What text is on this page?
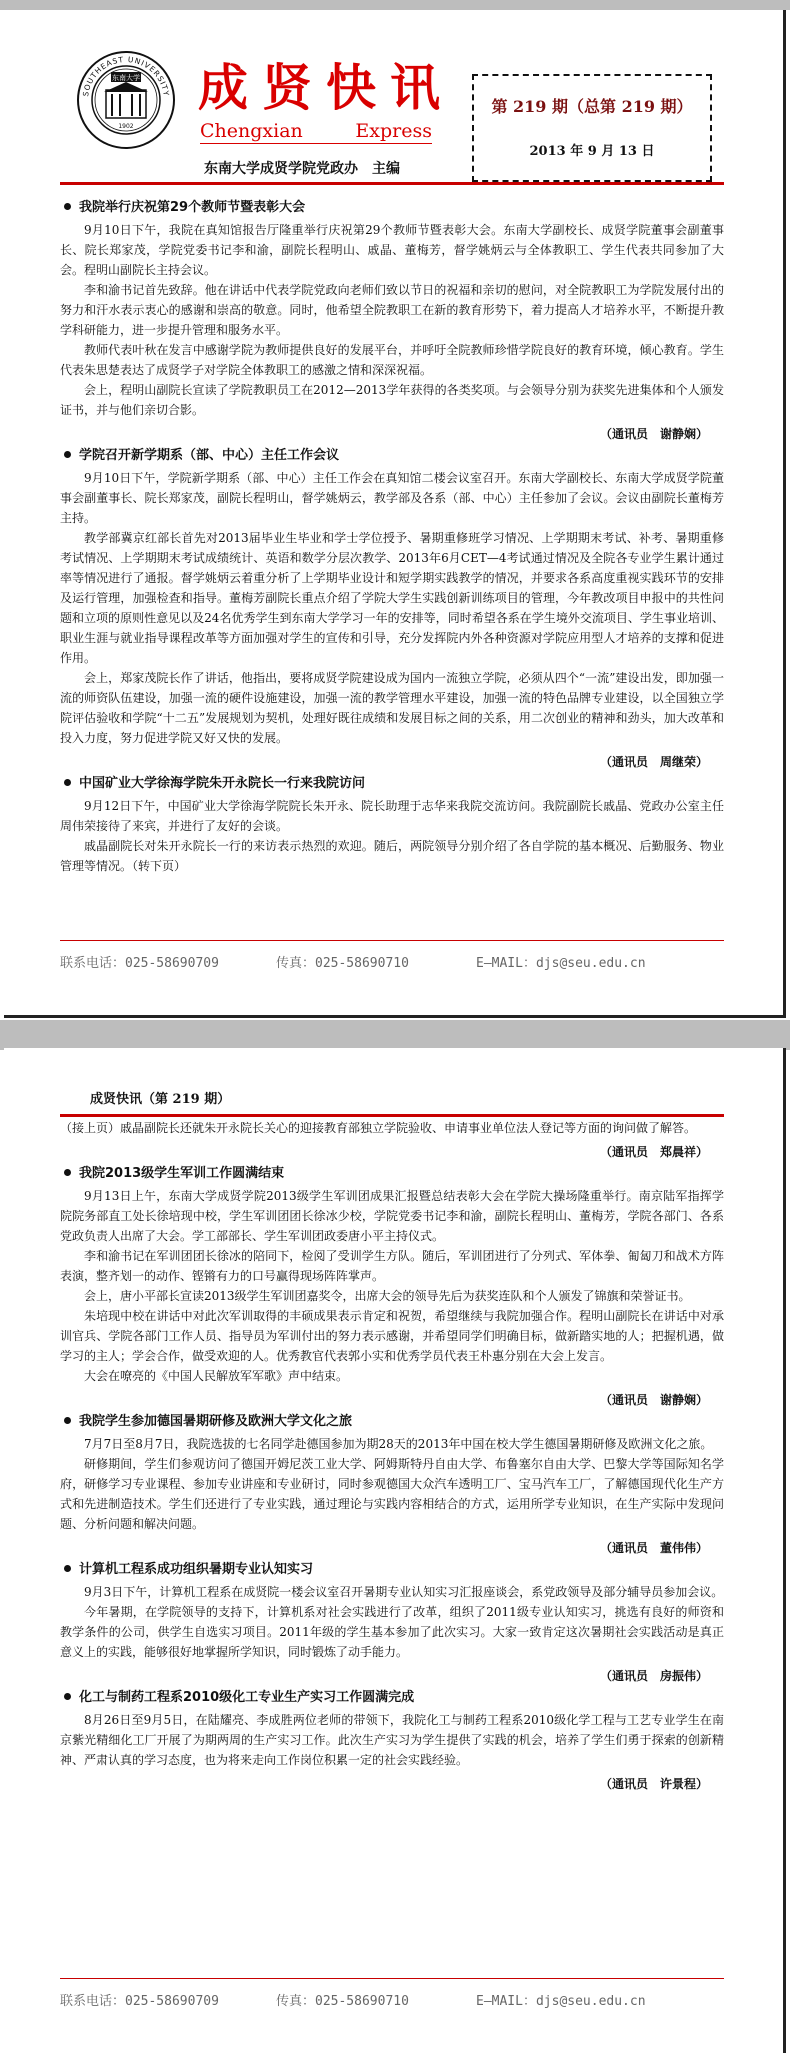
东南大学
1902
SOUTHEAST UNIVERSITY 成贤快讯
Chengxian	Express
东南大学成贤学院党政办　主编
第 219 期（总第 219 期）
2013 年 9 月 13 日
我院举行庆祝第29个教师节暨表彰大会

9月10日下午，我院在真知馆报告厅隆重举行庆祝第29个教师节暨表彰大会。东南大学副校长、成贤学院董事会副董事长、院长郑家茂，学院党委书记李和渝，副院长程明山、戚晶、董梅芳，督学姚炳云与全体教职工、学生代表共同参加了大会。程明山副院长主持会议。

李和渝书记首先致辞。他在讲话中代表学院党政向老师们致以节日的祝福和亲切的慰问，对全院教职工为学院发展付出的努力和汗水表示衷心的感谢和崇高的敬意。同时，他希望全院教职工在新的教育形势下，着力提高人才培养水平，不断提升教学科研能力，进一步提升管理和服务水平。

教师代表叶秋在发言中感谢学院为教师提供良好的发展平台，并呼吁全院教师珍惜学院良好的教育环境，倾心教育。学生代表朱思楚表达了成贤学子对学院全体教职工的感激之情和深深祝福。

会上，程明山副院长宣读了学院教职员工在2012—2013学年获得的各类奖项。与会领导分别为获奖先进集体和个人颁发证书，并与他们亲切合影。

（通讯员　谢静娴）
学院召开新学期系（部、中心）主任工作会议

9月10日下午，学院新学期系（部、中心）主任工作会在真知馆二楼会议室召开。东南大学副校长、东南大学成贤学院董事会副董事长、院长郑家茂，副院长程明山，督学姚炳云，教学部及各系（部、中心）主任参加了会议。会议由副院长董梅芳主持。

教学部冀京红部长首先对2013届毕业生毕业和学士学位授予、暑期重修班学习情况、上学期期末考试、补考、暑期重修考试情况、上学期期末考试成绩统计、英语和数学分层次教学、2013年6月CET—4考试通过情况及全院各专业学生累计通过率等情况进行了通报。督学姚炳云着重分析了上学期毕业设计和短学期实践教学的情况，并要求各系高度重视实践环节的安排及运行管理，加强检查和指导。董梅芳副院长重点介绍了学院大学生实践创新训练项目的管理，今年教改项目申报中的共性问题和立项的原则性意见以及24名优秀学生到东南大学学习一年的安排等，同时希望各系在学生境外交流项目、学生事业培训、职业生涯与就业指导课程改革等方面加强对学生的宣传和引导，充分发挥院内外各种资源对学院应用型人才培养的支撑和促进作用。

会上，郑家茂院长作了讲话，他指出，要将成贤学院建设成为国内一流独立学院，必须从四个“一流”建设出发，即加强一流的师资队伍建设，加强一流的硬件设施建设，加强一流的教学管理水平建设，加强一流的特色品牌专业建设，以全国独立学院评估验收和学院“十二五”发展规划为契机，处理好既往成绩和发展目标之间的关系，用二次创业的精神和劲头，加大改革和投入力度，努力促进学院又好又快的发展。

（通讯员　周继荣）
中国矿业大学徐海学院朱开永院长一行来我院访问

9月12日下午，中国矿业大学徐海学院院长朱开永、院长助理于志华来我院交流访问。我院副院长戚晶、党政办公室主任周伟荣接待了来宾，并进行了友好的会谈。

戚晶副院长对朱开永院长一行的来访表示热烈的欢迎。随后，两院领导分别介绍了各自学院的基本概况、后勤服务、物业管理等情况。（转下页）

联系电话：025-58690709	传真：025-58690710	E—MAIL：djs@seu.edu.cn
成贤快讯（第 219 期）

（接上页）戚晶副院长还就朱开永院长关心的迎接教育部独立学院验收、申请事业单位法人登记等方面的询问做了解答。

（通讯员　郑晨祥）
我院2013级学生军训工作圆满结束

9月13日上午，东南大学成贤学院2013级学生军训团成果汇报暨总结表彰大会在学院大操场隆重举行。南京陆军指挥学院院务部直工处长徐培现中校，学生军训团团长徐冰少校，学院党委书记李和渝，副院长程明山、董梅芳，学院各部门、各系党政负责人出席了大会。学工部部长、学生军训团政委唐小平主持仪式。

李和渝书记在军训团团长徐冰的陪同下，检阅了受训学生方队。随后，军训团进行了分列式、军体拳、匍匐刀和战术方阵表演，整齐划一的动作、铿锵有力的口号赢得现场阵阵掌声。

会上，唐小平部长宣读2013级学生军训团嘉奖令，出席大会的领导先后为获奖连队和个人颁发了锦旗和荣誉证书。

朱培现中校在讲话中对此次军训取得的丰硕成果表示肯定和祝贺，希望继续与我院加强合作。程明山副院长在讲话中对承训官兵、学院各部门工作人员、指导员为军训付出的努力表示感谢，并希望同学们明确目标，做新踏实地的人；把握机遇，做学习的主人；学会合作，做受欢迎的人。优秀教官代表郭小实和优秀学员代表王朴惠分别在大会上发言。

大会在嘹亮的《中国人民解放军军歌》声中结束。

（通讯员　谢静娴）
我院学生参加德国暑期研修及欧洲大学文化之旅

7月7日至8月7日，我院选拔的七名同学赴德国参加为期28天的2013年中国在校大学生德国暑期研修及欧洲文化之旅。

研修期间，学生们参观访问了德国开姆尼茨工业大学、阿姆斯特丹自由大学、布鲁塞尔自由大学、巴黎大学等国际知名学府，研修学习专业课程、参加专业讲座和专业研讨，同时参观德国大众汽车透明工厂、宝马汽车工厂，了解德国现代化生产方式和先进制造技术。学生们还进行了专业实践，通过理论与实践内容相结合的方式，运用所学专业知识，在生产实际中发现问题、分析问题和解决问题。

（通讯员　董伟伟）
计算机工程系成功组织暑期专业认知实习

9月3日下午，计算机工程系在成贤院一楼会议室召开暑期专业认知实习汇报座谈会，系党政领导及部分辅导员参加会议。

今年暑期，在学院领导的支持下，计算机系对社会实践进行了改革，组织了2011级专业认知实习，挑选有良好的师资和教学条件的公司，供学生自选实习项目。2011年级的学生基本参加了此次实习。大家一致肯定这次暑期社会实践活动是真正意义上的实践，能够很好地掌握所学知识，同时锻炼了动手能力。

（通讯员　房振伟）
化工与制药工程系2010级化工专业生产实习工作圆满完成

8月26日至9月5日，在陆耀亮、李成胜两位老师的带领下，我院化工与制药工程系2010级化学工程与工艺专业学生在南京紫光精细化工厂开展了为期两周的生产实习工作。此次生产实习为学生提供了实践的机会，培养了学生们勇于探索的创新精神、严肃认真的学习态度，也为将来走向工作岗位积累一定的社会实践经验。

（通讯员　许景程）
联系电话：025-58690709	传真：025-58690710	E—MAIL：djs@seu.edu.cn
